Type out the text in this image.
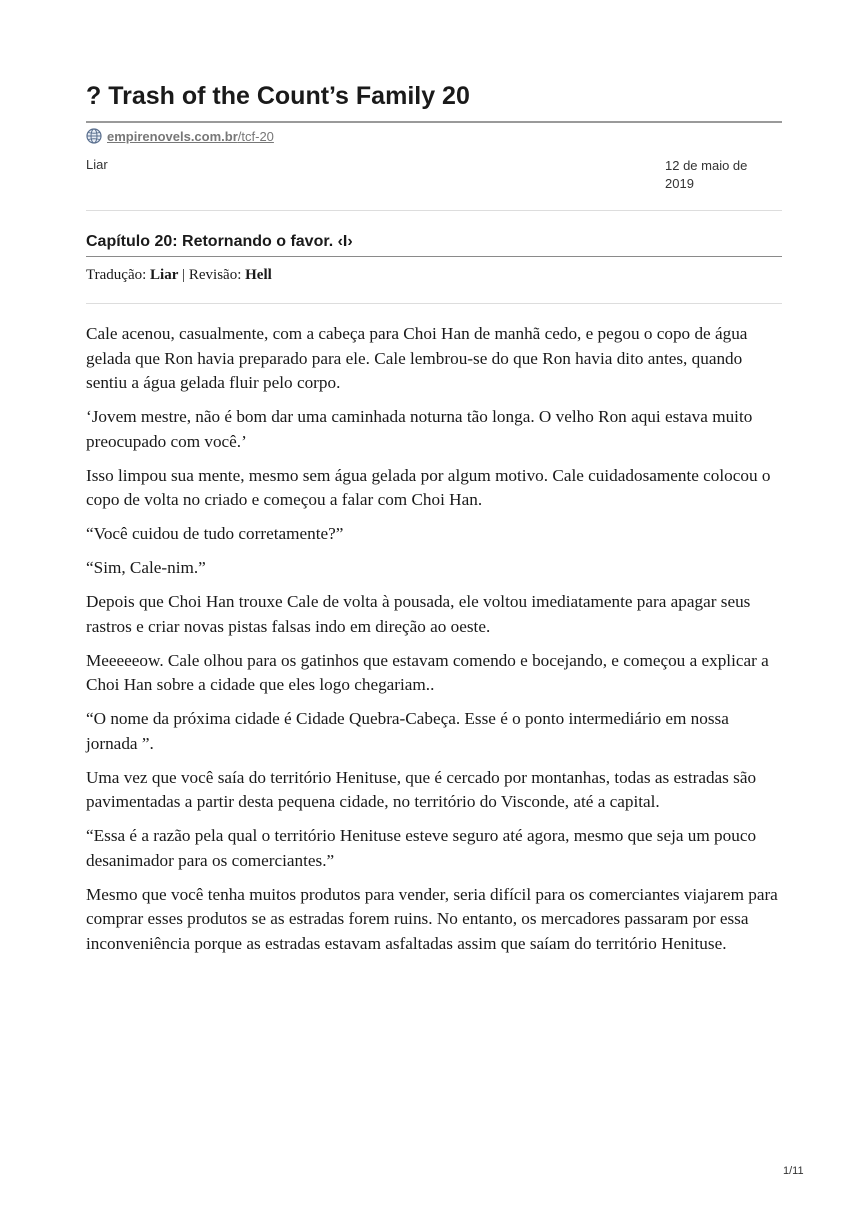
? Trash of the Count’s Family 20
empirenovels.com.br/tcf-20
Liar	12 de maio de
2019
Capítulo 20: Retornando o favor. ‹I›
Tradução: Liar | Revisão: Hell

Cale acenou, casualmente, com a cabeça para Choi Han de manhã cedo, e pegou o copo de água gelada que Ron havia preparado para ele. Cale lembrou-se do que Ron havia dito antes, quando sentiu a água gelada fluir pelo corpo.

‘Jovem mestre, não é bom dar uma caminhada noturna tão longa. O velho Ron aqui estava muito preocupado com você.’

Isso limpou sua mente, mesmo sem água gelada por algum motivo. Cale cuidadosamente colocou o copo de volta no criado e começou a falar com Choi Han.

“Você cuidou de tudo corretamente?”

“Sim, Cale-nim.”

Depois que Choi Han trouxe Cale de volta à pousada, ele voltou imediatamente para apagar seus rastros e criar novas pistas falsas indo em direção ao oeste.

Meeeeeow. Cale olhou para os gatinhos que estavam comendo e bocejando, e começou a explicar a Choi Han sobre a cidade que eles logo chegariam..

“O nome da próxima cidade é Cidade Quebra-Cabeça. Esse é o ponto intermediário em nossa jornada ”.

Uma vez que você saía do território Henituse, que é cercado por montanhas, todas as estradas são pavimentadas a partir desta pequena cidade, no território do Visconde, até a capital.

“Essa é a razão pela qual o território Henituse esteve seguro até agora, mesmo que seja um pouco desanimador para os comerciantes.”

Mesmo que você tenha muitos produtos para vender, seria difícil para os comerciantes viajarem para comprar esses produtos se as estradas forem ruins. No entanto, os mercadores passaram por essa inconveniência porque as estradas estavam asfaltadas assim que saíam do território Henituse.

1/11
